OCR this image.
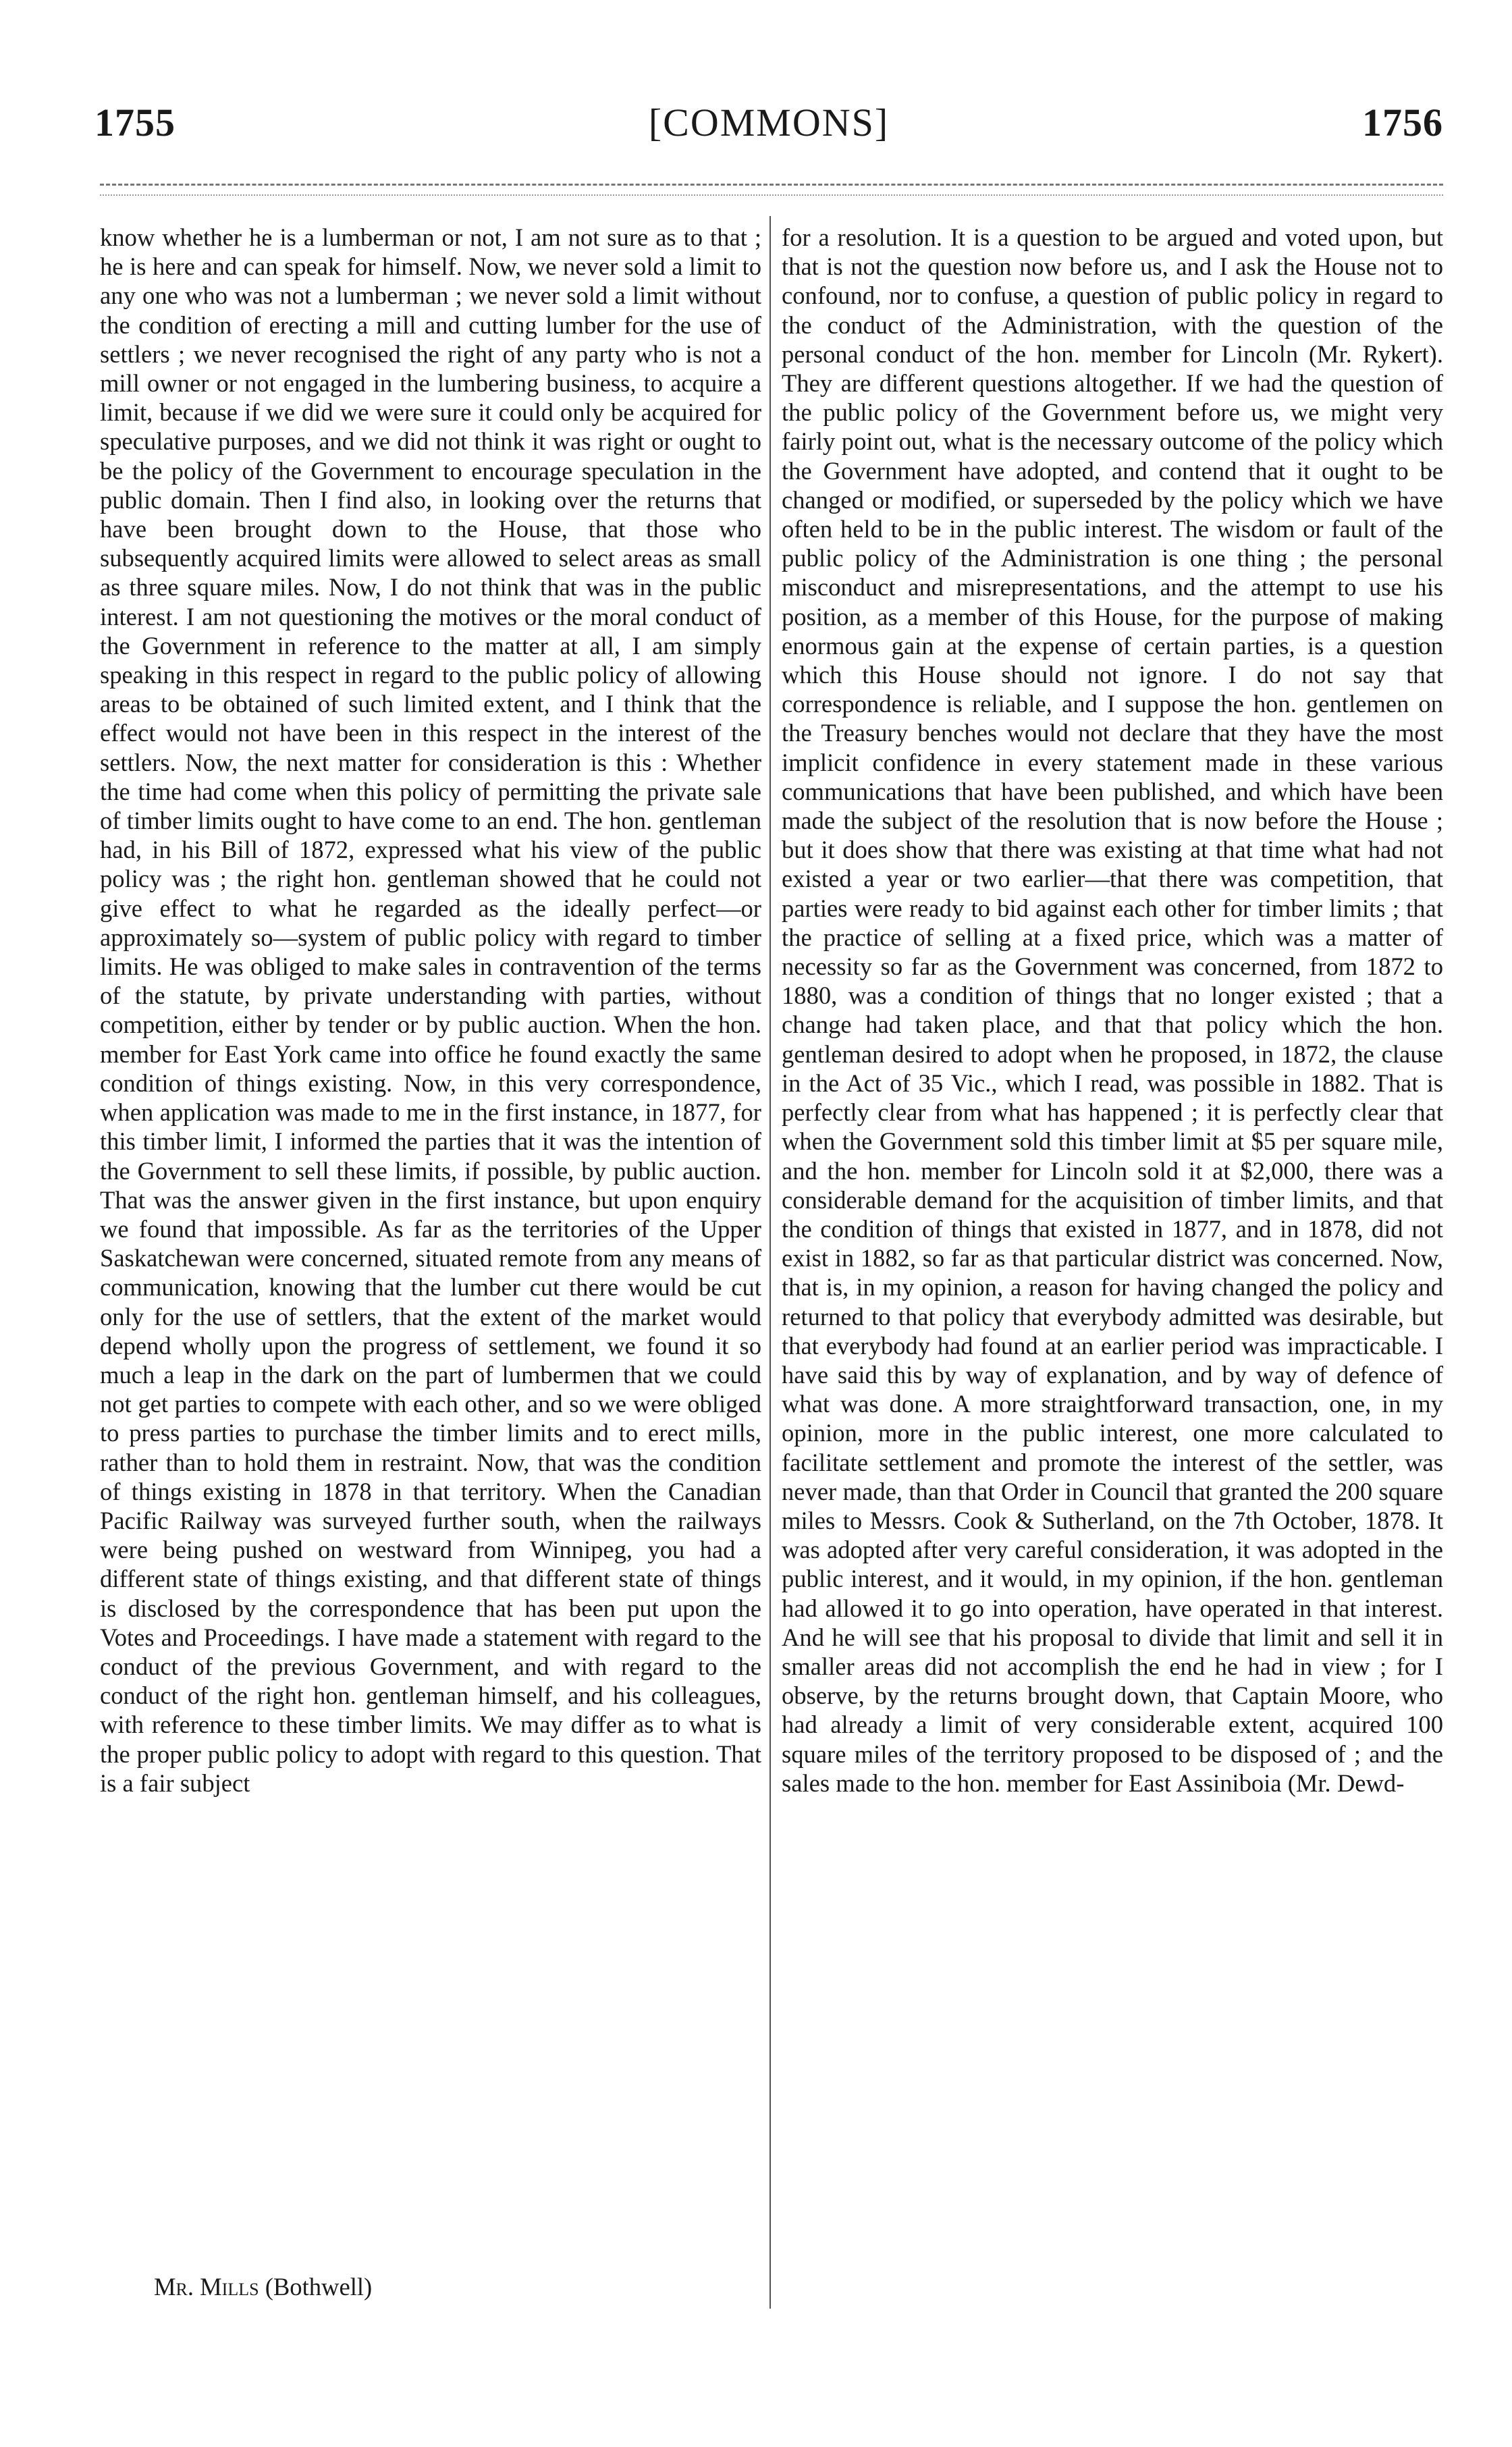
1755	[COMMONS]	1756

know whether he is a lumberman or not, I am not sure as to that ; he is here and can speak for himself. Now, we never sold a limit to any one who was not a lumberman ; we never sold a limit without the condition of erecting a mill and cutting lumber for the use of settlers ; we never recognised the right of any party who is not a mill owner or not engaged in the lumbering business, to acquire a limit, because if we did we were sure it could only be acquired for speculative purposes, and we did not think it was right or ought to be the policy of the Government to encourage speculation in the public domain. Then I find also, in looking over the returns that have been brought down to the House, that those who subsequently acquired limits were allowed to select areas as small as three square miles. Now, I do not think that was in the public interest. I am not questioning the motives or the moral conduct of the Government in reference to the matter at all, I am simply speaking in this respect in regard to the public policy of allowing areas to be obtained of such limited extent, and I think that the effect would not have been in this respect in the interest of the settlers. Now, the next matter for consideration is this : Whether the time had come when this policy of permitting the private sale of timber limits ought to have come to an end. The hon. gentleman had, in his Bill of 1872, expressed what his view of the public policy was ; the right hon. gentleman showed that he could not give effect to what he regarded as the ideally perfect—or approximately so—system of public policy with regard to timber limits. He was obliged to make sales in contravention of the terms of the statute, by private understanding with parties, without competition, either by tender or by public auction. When the hon. member for East York came into office he found exactly the same condition of things existing. Now, in this very correspondence, when application was made to me in the first instance, in 1877, for this timber limit, I informed the parties that it was the intention of the Government to sell these limits, if possible, by public auction. That was the answer given in the first instance, but upon enquiry we found that impossible. As far as the territories of the Upper Saskatchewan were concerned, situated remote from any means of communication, knowing that the lumber cut there would be cut only for the use of settlers, that the extent of the market would depend wholly upon the progress of settlement, we found it so much a leap in the dark on the part of lumbermen that we could not get parties to compete with each other, and so we were obliged to press parties to purchase the timber limits and to erect mills, rather than to hold them in restraint. Now, that was the condition of things existing in 1878 in that territory. When the Canadian Pacific Railway was surveyed further south, when the railways were being pushed on westward from Winnipeg, you had a different state of things existing, and that different state of things is disclosed by the correspondence that has been put upon the Votes and Proceedings. I have made a statement with regard to the conduct of the previous Government, and with regard to the conduct of the right hon. gentleman himself, and his colleagues, with reference to these timber limits. We may differ as to what is the proper public policy to adopt with regard to this question. That is a fair subject

for a resolution. It is a question to be argued and voted upon, but that is not the question now before us, and I ask the House not to confound, nor to confuse, a question of public policy in regard to the conduct of the Administration, with the question of the personal conduct of the hon. member for Lincoln (Mr. Rykert). They are different questions altogether. If we had the question of the public policy of the Government before us, we might very fairly point out, what is the necessary outcome of the policy which the Government have adopted, and contend that it ought to be changed or modified, or superseded by the policy which we have often held to be in the public interest. The wisdom or fault of the public policy of the Administration is one thing ; the personal misconduct and misrepresentations, and the attempt to use his position, as a member of this House, for the purpose of making enormous gain at the expense of certain parties, is a question which this House should not ignore. I do not say that correspondence is reliable, and I suppose the hon. gentlemen on the Treasury benches would not declare that they have the most implicit confidence in every statement made in these various communications that have been published, and which have been made the subject of the resolution that is now before the House ; but it does show that there was existing at that time what had not existed a year or two earlier—that there was competition, that parties were ready to bid against each other for timber limits ; that the practice of selling at a fixed price, which was a matter of necessity so far as the Government was concerned, from 1872 to 1880, was a condition of things that no longer existed ; that a change had taken place, and that that policy which the hon. gentleman desired to adopt when he proposed, in 1872, the clause in the Act of 35 Vic., which I read, was possible in 1882. That is perfectly clear from what has happened ; it is perfectly clear that when the Government sold this timber limit at $5 per square mile, and the hon. member for Lincoln sold it at $2,000, there was a considerable demand for the acquisition of timber limits, and that the condition of things that existed in 1877, and in 1878, did not exist in 1882, so far as that particular district was concerned. Now, that is, in my opinion, a reason for having changed the policy and returned to that policy that everybody admitted was desirable, but that everybody had found at an earlier period was impracticable. I have said this by way of explanation, and by way of defence of what was done. A more straightforward transaction, one, in my opinion, more in the public interest, one more calculated to facilitate settlement and promote the interest of the settler, was never made, than that Order in Council that granted the 200 square miles to Messrs. Cook & Sutherland, on the 7th October, 1878. It was adopted after very careful consideration, it was adopted in the public interest, and it would, in my opinion, if the hon. gentleman had allowed it to go into operation, have operated in that interest. And he will see that his proposal to divide that limit and sell it in smaller areas did not accomplish the end he had in view ; for I observe, by the returns brought down, that Captain Moore, who had already a limit of very considerable extent, acquired 100 square miles of the territory proposed to be disposed of ; and the sales made to the hon. member for East Assiniboia (Mr. Dewd-

Mr. Mills (Bothwell)
